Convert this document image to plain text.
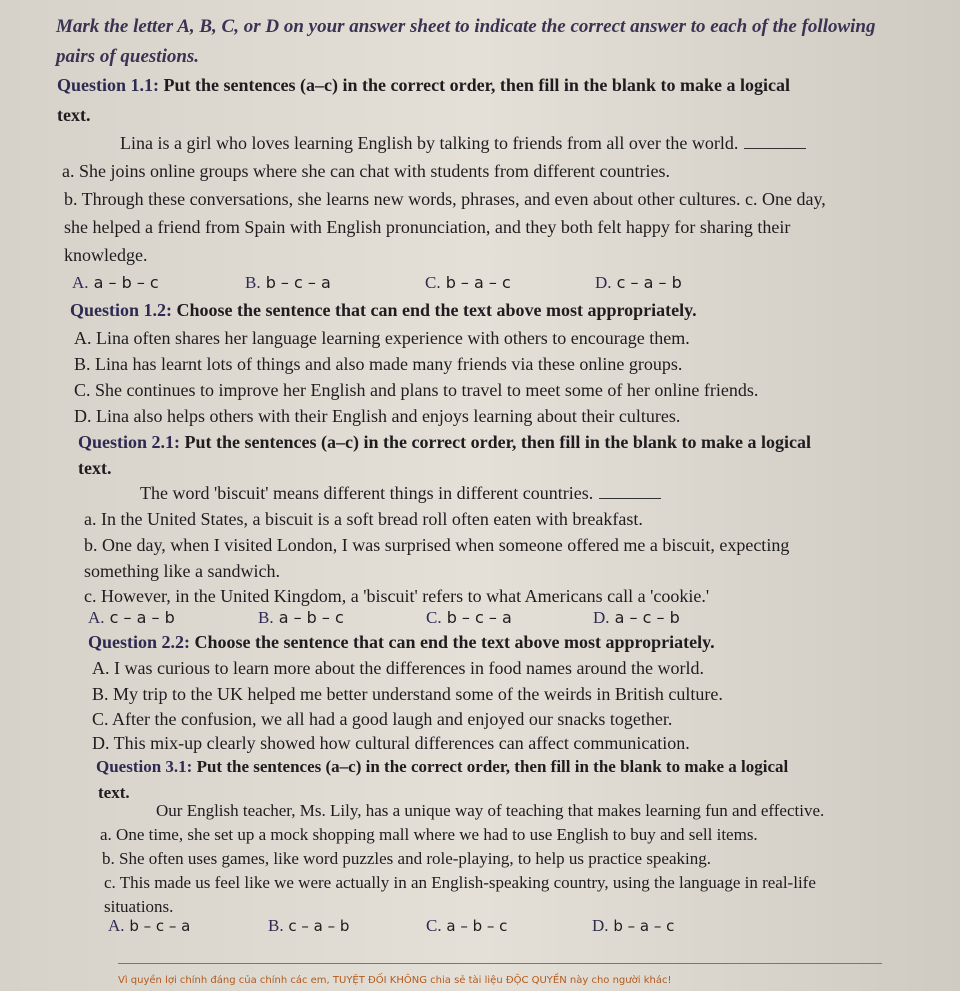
Mark the letter A, B, C, or D on your answer sheet to indicate the correct answer to each of the following
pairs of questions.
Question 1.1: Put the sentences (a–c) in the correct order, then fill in the blank to make a logical
text.
Lina is a girl who loves learning English by talking to friends from all over the world.
a. She joins online groups where she can chat with students from different countries.
b. Through these conversations, she learns new words, phrases, and even about other cultures. c. One day,
she helped a friend from Spain with English pronunciation, and they both felt happy for sharing their
knowledge.
A. a – b – c	B. b – c – a	C. b – a – c	D. c – a – b
Question 1.2: Choose the sentence that can end the text above most appropriately.
A. Lina often shares her language learning experience with others to encourage them.
B. Lina has learnt lots of things and also made many friends via these online groups.
C. She continues to improve her English and plans to travel to meet some of her online friends.
D. Lina also helps others with their English and enjoys learning about their cultures.
Question 2.1: Put the sentences (a–c) in the correct order, then fill in the blank to make a logical
text.
The word 'biscuit' means different things in different countries.
a. In the United States, a biscuit is a soft bread roll often eaten with breakfast.
b. One day, when I visited London, I was surprised when someone offered me a biscuit, expecting
something like a sandwich.
c. However, in the United Kingdom, a 'biscuit' refers to what Americans call a 'cookie.'
A. c – a – b	B. a – b – c	C. b – c – a	D. a – c – b
Question 2.2: Choose the sentence that can end the text above most appropriately.
A. I was curious to learn more about the differences in food names around the world.
B. My trip to the UK helped me better understand some of the weirds in British culture.
C. After the confusion, we all had a good laugh and enjoyed our snacks together.
D. This mix-up clearly showed how cultural differences can affect communication.
Question 3.1: Put the sentences (a–c) in the correct order, then fill in the blank to make a logical
text.
Our English teacher, Ms. Lily, has a unique way of teaching that makes learning fun and effective.
a. One time, she set up a mock shopping mall where we had to use English to buy and sell items.
b. She often uses games, like word puzzles and role-playing, to help us practice speaking.
c. This made us feel like we were actually in an English-speaking country, using the language in real-life
situations.
A. b – c – a	B. c – a – b	C. a – b – c	D. b – a – c
Vì quyền lợi chính đáng của chính các em, TUYỆT ĐỐI KHÔNG chia sẻ tài liệu ĐỘC QUYỀN này cho người khác!
